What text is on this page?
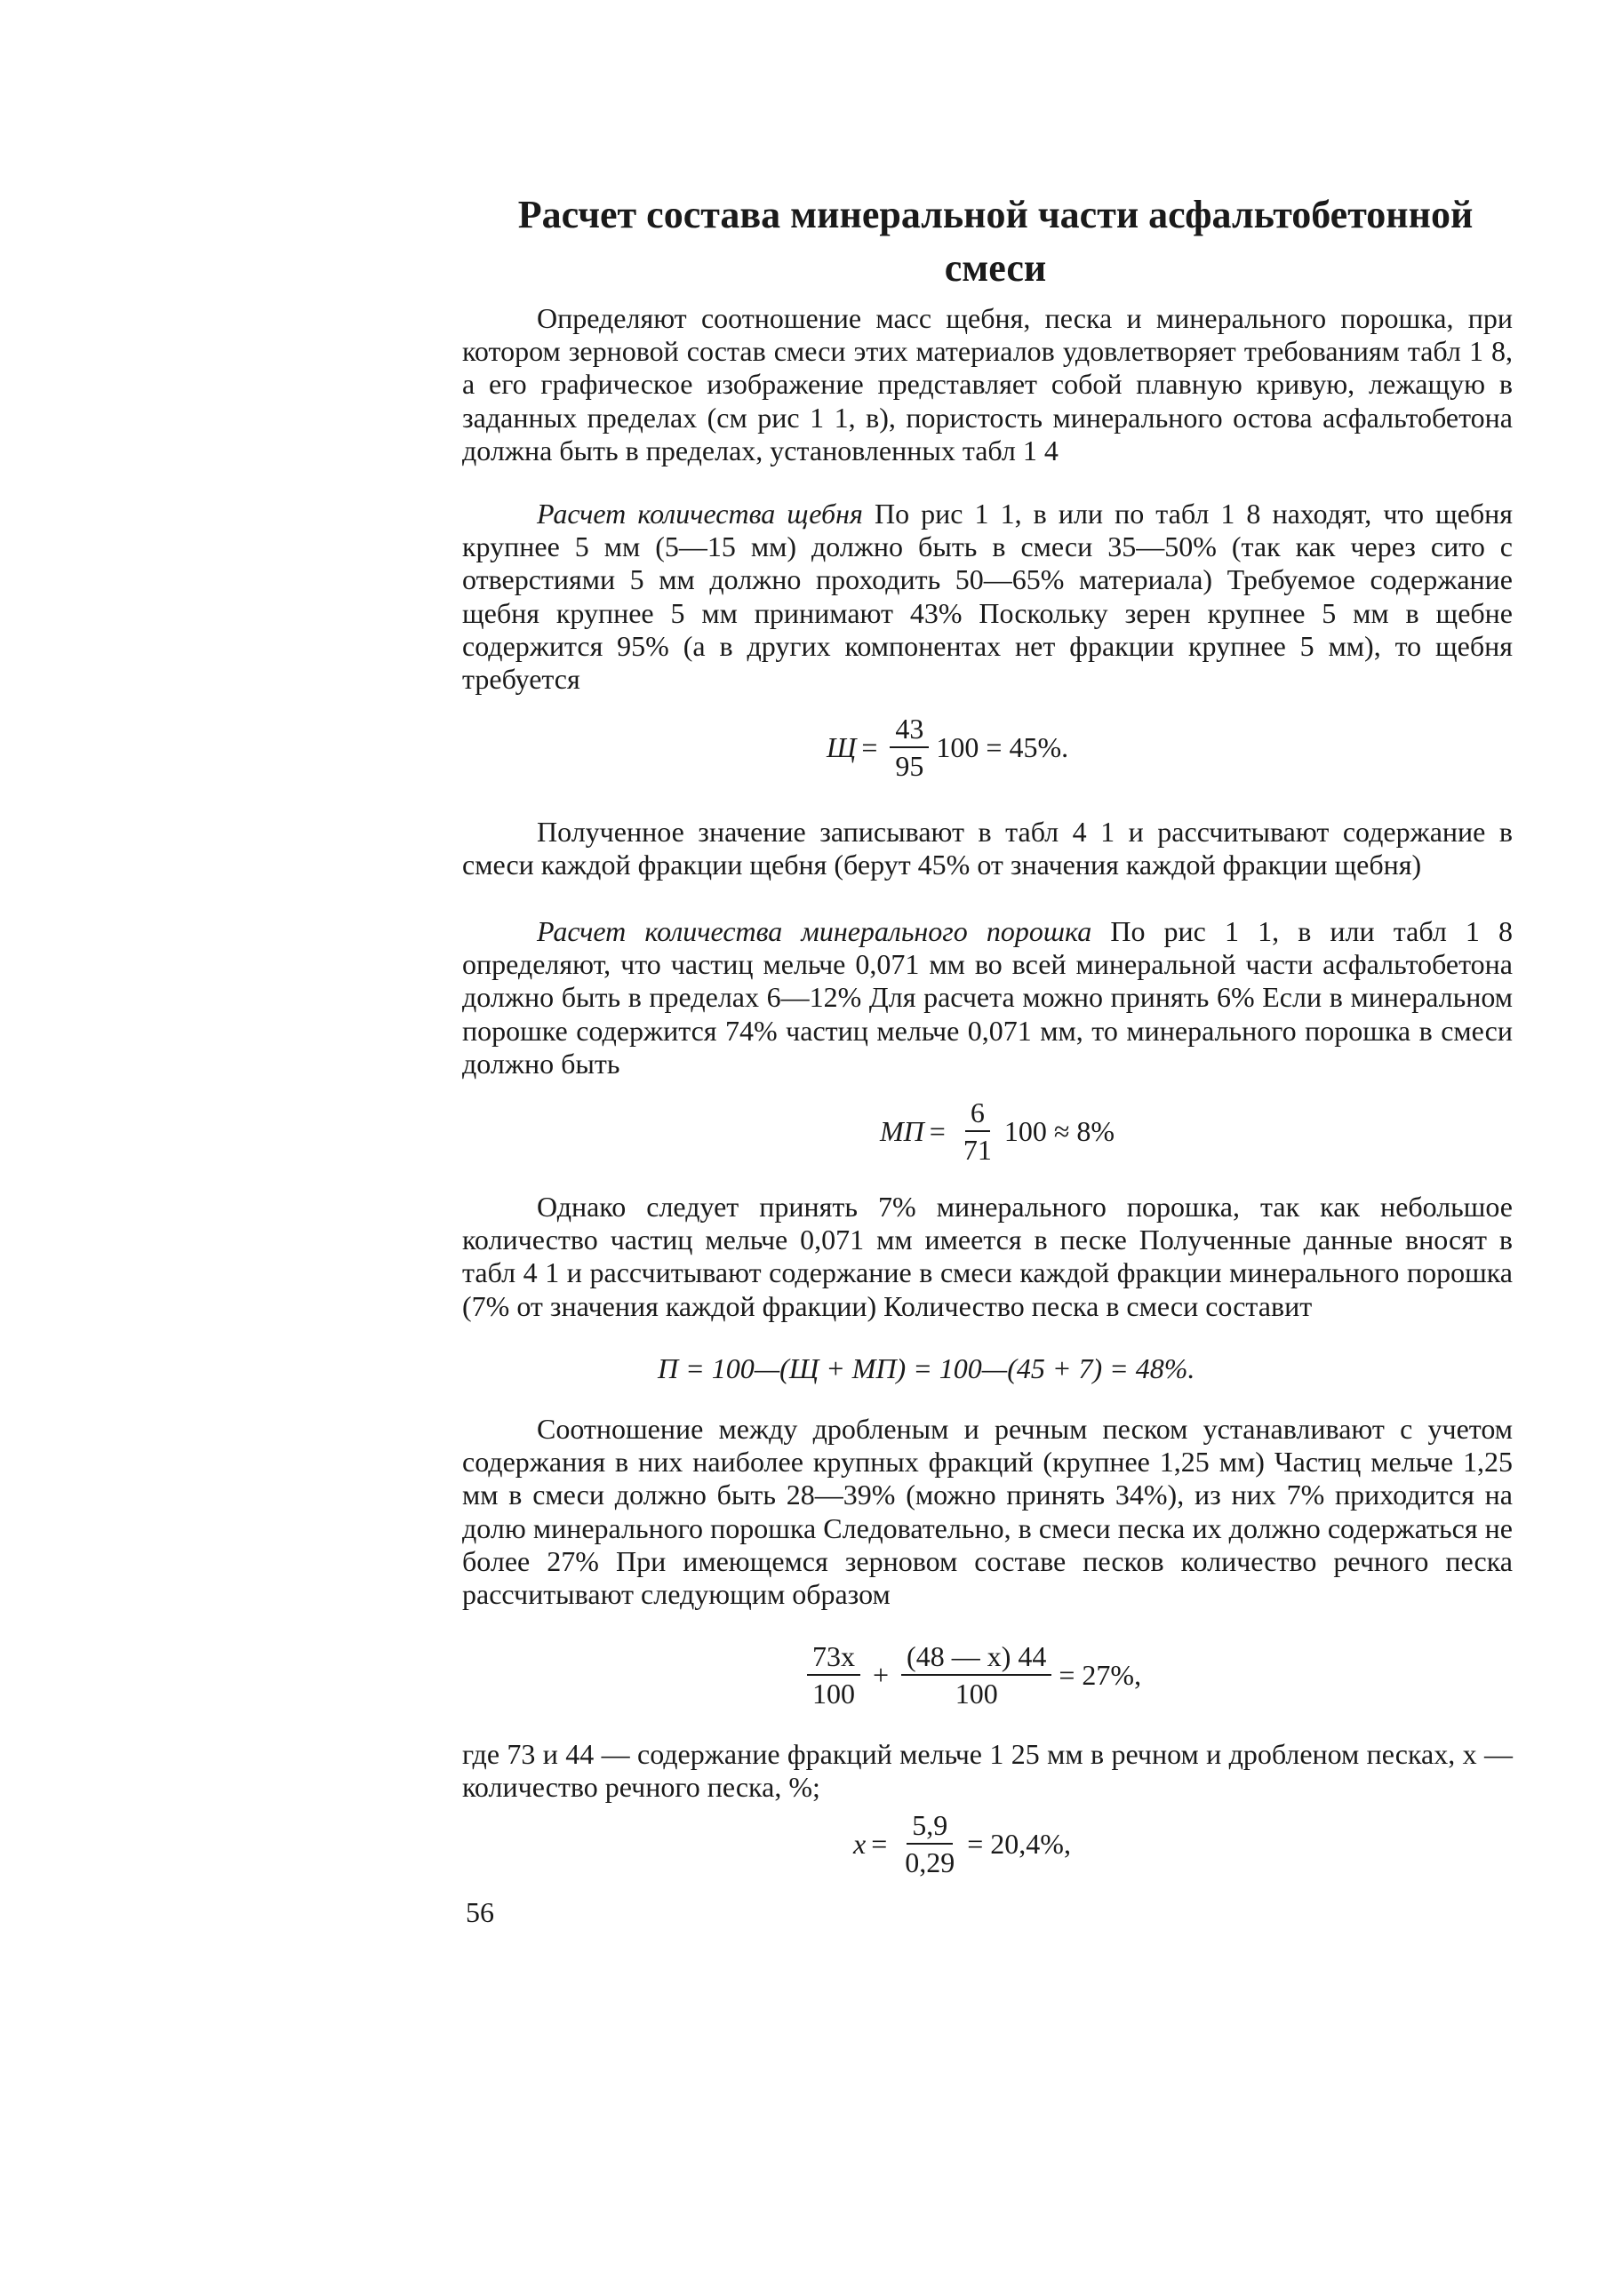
Расчет состава минеральной части асфальтобетонной
смеси

Определяют соотношение масс щебня, песка и минерального порошка, при котором зерновой состав смеси этих материалов удовлетворяет требованиям табл 1 8, а его графическое изображение представляет собой плавную кривую, лежащую в заданных пределах (см рис 1 1, в), пористость минерального остова асфальтобетона должна быть в пределах, установленных табл 1 4

Расчет количества щебня По рис 1 1, в или по табл 1 8 находят, что щебня крупнее 5 мм (5—15 мм) должно быть в смеси 35—50% (так как через сито с отверстиями 5 мм должно проходить 50—65% материала) Требуемое содержание щебня крупнее 5 мм принимают 43% Поскольку зерен крупнее 5 мм в щебне содержится 95% (а в других компонентах нет фракции крупнее 5 мм), то щебня требуется

$Щ = \frac{43}{95} 100 = 45\%$.

Полученное значение записывают в табл 4 1 и рассчитывают содержание в смеси каждой фракции щебня (берут 45% от значения каждой фракции щебня)

Расчет количества минерального порошка По рис 1 1, в или табл 1 8 определяют, что частиц мельче 0,071 мм во всей минеральной части асфальтобетона должно быть в пределах 6—12% Для расчета можно принять 6% Если в минеральном порошке содержится 74% частиц мельче 0,071 мм, то минерального порошка в смеси должно быть

МП = $\frac{6}{71} 100 \approx 8\%$

Однако следует принять 7% минерального порошка, так как небольшое количество частиц мельче 0,071 мм имеется в песке Полученные данные вносят в табл 4 1 и рассчитывают содержание в смеси каждой фракции минерального порошка (7% от значения каждой фракции) Количество песка в смеси составит

П = 100—(Щ + МП) = 100—(45 + 7) = 48%.

Соотношение между дробленым и речным песком устанавливают с учетом содержания в них наиболее крупных фракций (крупнее 1,25 мм) Частиц мельче 1,25 мм в смеси должно быть 28—39% (можно принять 34%), из них 7% приходится на долю минерального порошка Следовательно, в смеси песка их должно содержаться не более 27% При имеющемся зерновом составе песков количество речного песка рассчитывают следующим образом

$\frac{73x}{100} + \frac{(48 — x) 44}{100} = 27\%$,

где 73 и 44 — содержание фракций мельче 1 25 мм в речном и дробленом песках, x — количество речного песка, %;

$x = \frac{5,9}{0,29} = 20,4\%$,
56
